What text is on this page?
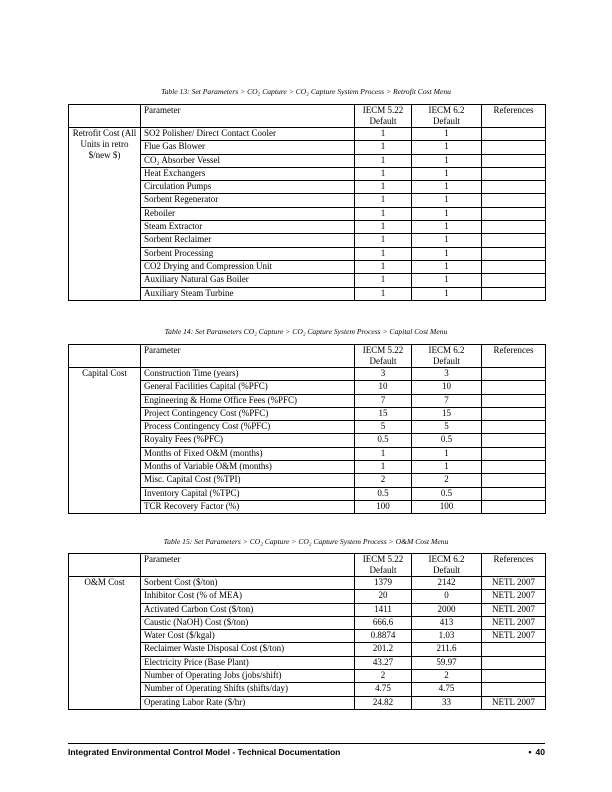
Table 13: Set Parameters > CO₂ Capture > CO₂ Capture System Process > Retrofit Cost Menu
	Parameter	IECM 5.22 Default	IECM 6.2 Default	References
Retrofit Cost (All Units in retro $/new $)	SO2 Polisher/ Direct Contact Cooler	1	1	
	Flue Gas Blower	1	1	
	CO₂ Absorber Vessel	1	1	
	Heat Exchangers	1	1	
	Circulation Pumps	1	1	
	Sorbent Regenerator	1	1	
	Reboiler	1	1	
	Steam Extractor	1	1	
	Sorbent Reclaimer	1	1	
	Sorbent Processing	1	1	
	CO2 Drying and Compression Unit	1	1	
	Auxiliary Natural Gas Boiler	1	1	
	Auxiliary Steam Turbine	1	1	
Table 14: Set Parameters CO₂ Capture > CO₂ Capture System Process > Capital Cost Menu
	Parameter	IECM 5.22 Default	IECM 6.2 Default	References
Capital Cost	Construction Time (years)	3	3	
	General Facilities Capital (%PFC)	10	10	
	Engineering & Home Office Fees (%PFC)	7	7	
	Project Contingency Cost (%PFC)	15	15	
	Process Contingency Cost (%PFC)	5	5	
	Royalty Fees (%PFC)	0.5	0.5	
	Months of Fixed O&M (months)	1	1	
	Months of Variable O&M (months)	1	1	
	Misc. Capital Cost (%TPI)	2	2	
	Inventory Capital (%TPC)	0.5	0.5	
	TCR Recovery Factor (%)	100	100	
Table 15: Set Parameters > CO₂ Capture > CO₂ Capture System Process > O&M Cost Menu
	Parameter	IECM 5.22 Default	IECM 6.2 Default	References
O&M Cost	Sorbent Cost ($/ton)	1379	2142	NETL 2007
	Inhibitor Cost (% of MEA)	20	0	NETL 2007
	Activated Carbon Cost ($/ton)	1411	2000	NETL 2007
	Caustic (NaOH) Cost ($/ton)	666.6	413	NETL 2007
	Water Cost ($/kgal)	0.8874	1.03	NETL 2007
	Reclaimer Waste Disposal Cost ($/ton)	201.2	211.6	
	Electricity Price (Base Plant)	43.27	59.97	
	Number of Operating Jobs (jobs/shift)	2	2	
	Number of Operating Shifts (shifts/day)	4.75	4.75	
	Operating Labor Rate ($/hr)	24.82	33	NETL 2007
Integrated Environmental Control Model - Technical Documentation	• 40
